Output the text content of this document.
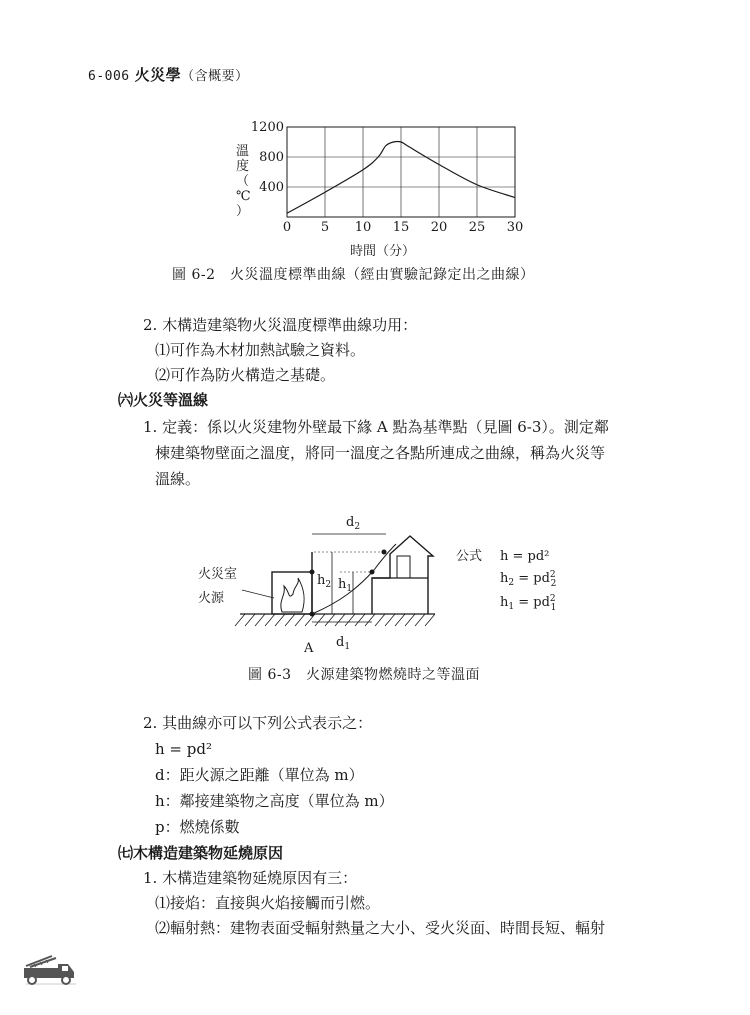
6-006 火災學（含概要）
0 5 10 15 20 25 30
400
800
1200
溫度（℃）
時間（分）
圖 6-2　火災溫度標準曲線（經由實驗記錄定出之曲線）
2. 木構造建築物火災溫度標準曲線功用：
⑴可作為木材加熱試驗之資料。
⑵可作為防火構造之基礎。
㈥火災等溫線
1. 定義：係以火災建物外壁最下緣 A 點為基準點（見圖 6-3）。測定鄰
棟建築物壁面之溫度，將同一溫度之各點所連成之曲線，稱為火災等
溫線。
火災室
火源
A $d_1$
$d_2$
$h_2$ $h_1$
公式 h = pd²
$h_2 = pd^2$ 2
$h_1 = pd^2$ 1
圖 6-3　火源建築物燃燒時之等溫面
2. 其曲線亦可以下列公式表示之：
h = pd²
d：距火源之距離（單位為 m）
h：鄰接建築物之高度（單位為 m）
p：燃燒係數
㈦木構造建築物延燒原因
1. 木構造建築物延燒原因有三：
⑴接焰：直接與火焰接觸而引燃。
⑵輻射熱：建物表面受輻射熱量之大小、受火災面、時間長短、輻射
